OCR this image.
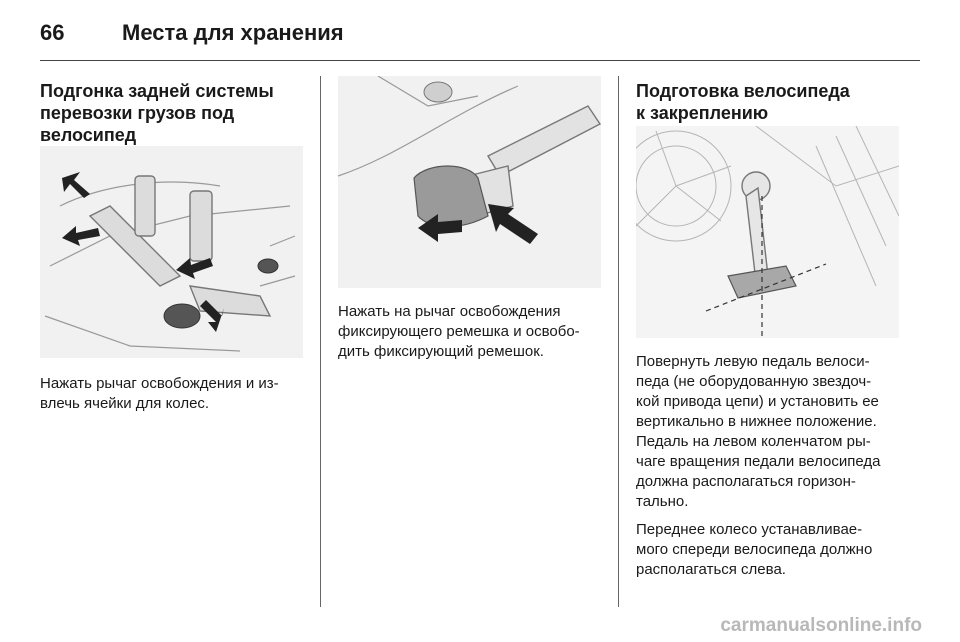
66	Места для хранения
Подгонка задней системы
перевозки грузов под
велосипед

Нажать рычаг освобождения и из-
влечь ячейки для колес.

Нажать на рычаг освобождения
фиксирующего ремешка и освобо-
дить фиксирующий ремешок.

Подготовка велосипеда
к закреплению

Повернуть левую педаль велоси-
педа (не оборудованную звездоч-
кой привода цепи) и установить ее
вертикально в нижнее положение.
Педаль на левом коленчатом ры-
чаге вращения педали велосипеда
должна располагаться горизон-
тально.

Переднее колесо устанавливае-
мого спереди велосипеда должно
располагаться слева.

carmanualsonline.info
